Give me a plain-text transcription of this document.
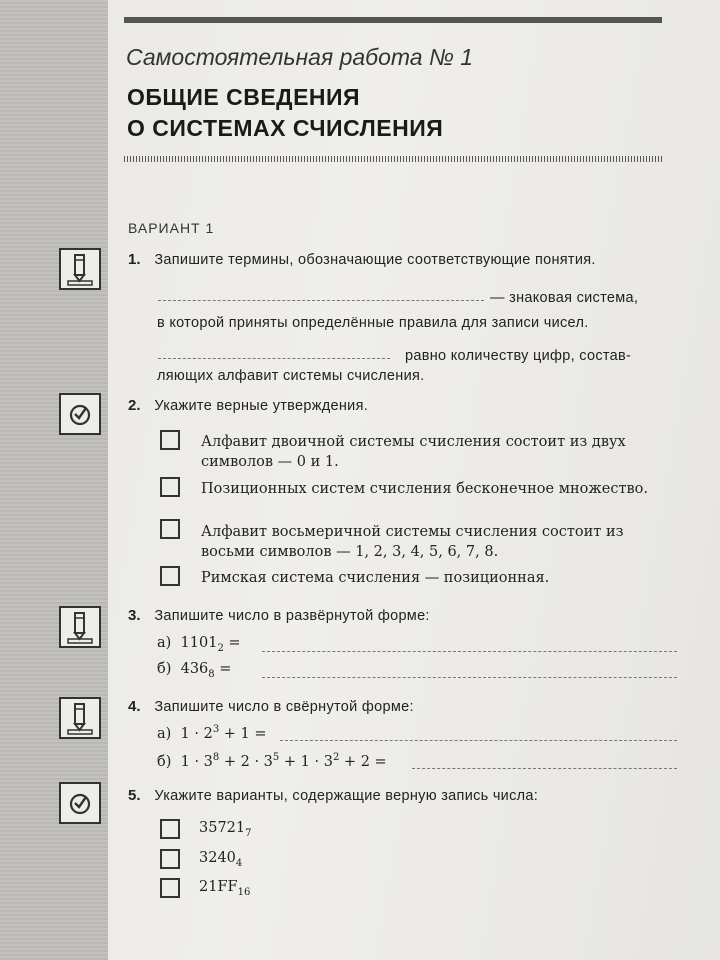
Самостоятельная работа № 1
ОБЩИЕ СВЕДЕНИЯ
О СИСТЕМАХ СЧИСЛЕНИЯ
ВАРИАНТ 1
1. Запишите термины, обозначающие соответствующие понятия.
— знаковая система,
в которой приняты определённые правила для записи чисел.
равно количеству цифр, состав-
ляющих алфавит системы счисления.
2. Укажите верные утверждения.
Алфавит двоичной системы счисления состоит из двух символов — 0 и 1.
Позиционных систем счисления бесконечное множество.
Алфавит восьмеричной системы счисления состоит из восьми символов — 1, 2, 3, 4, 5, 6, 7, 8.
Римская система счисления — позиционная.
3. Запишите число в развёрнутой форме:
а) $1101_2$ =
б) $436_8$ =
4. Запишите число в свёрнутой форме:
а)  $1 \cdot 2^3 + 1$ =
б)  $1 \cdot 3^8 + 2 \cdot 3^5 + 1 \cdot 3^2 + 2$ =
5. Укажите варианты, содержащие верную запись числа:
$35721_7$
$3240_4$
$21FF_{16}$
